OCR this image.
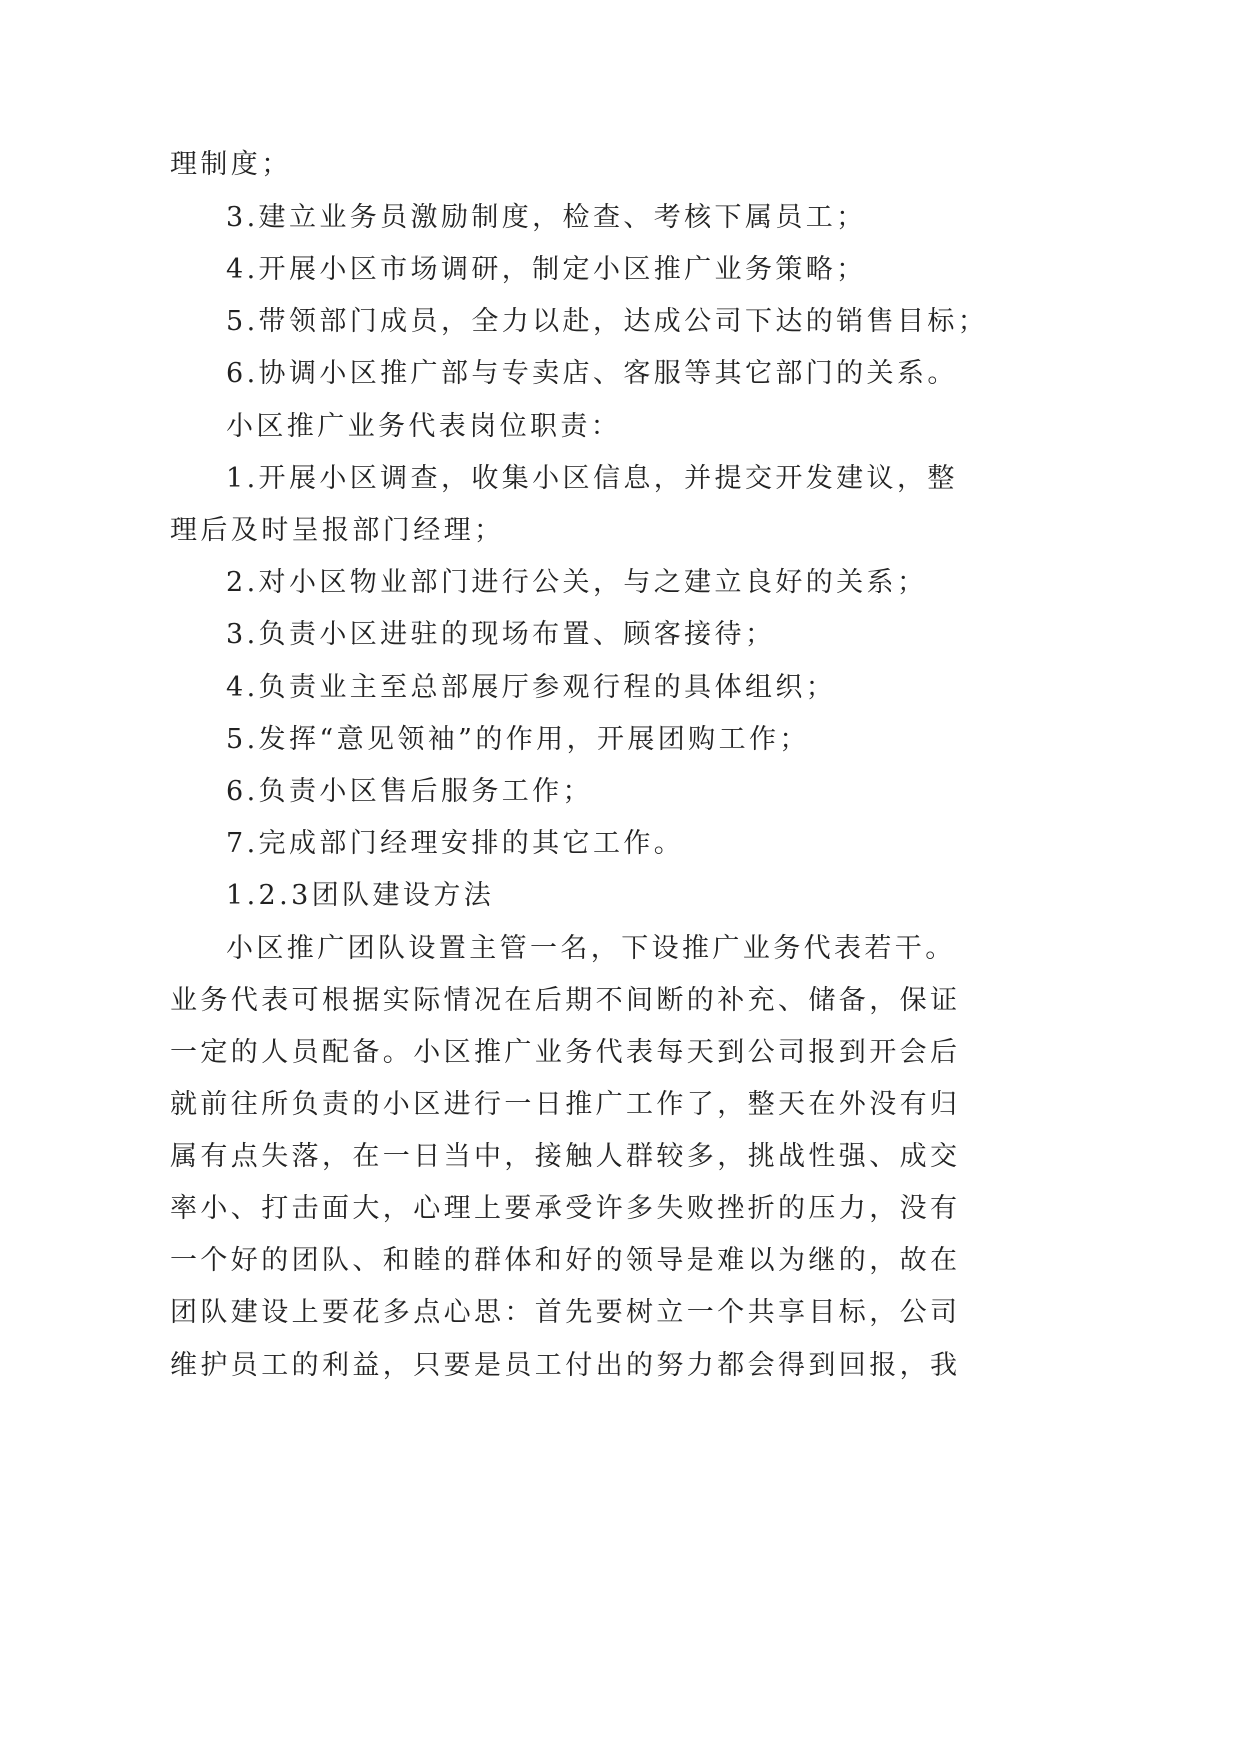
理制度；
3.建立业务员激励制度，检查、考核下属员工；
4.开展小区市场调研，制定小区推广业务策略；
5.带领部门成员，全力以赴，达成公司下达的销售目标；
6.协调小区推广部与专卖店、客服等其它部门的关系。
小区推广业务代表岗位职责：
1.开展小区调查，收集小区信息，并提交开发建议，整
理后及时呈报部门经理；
2.对小区物业部门进行公关，与之建立良好的关系；
3.负责小区进驻的现场布置、顾客接待；
4.负责业主至总部展厅参观行程的具体组织；
5.发挥“意见领袖”的作用，开展团购工作；
6.负责小区售后服务工作；
7.完成部门经理安排的其它工作。
1.2.3团队建设方法
小区推广团队设置主管一名，下设推广业务代表若干。
业务代表可根据实际情况在后期不间断的补充、储备，保证
一定的人员配备。小区推广业务代表每天到公司报到开会后
就前往所负责的小区进行一日推广工作了，整天在外没有归
属有点失落，在一日当中，接触人群较多，挑战性强、成交
率小、打击面大，心理上要承受许多失败挫折的压力，没有
一个好的团队、和睦的群体和好的领导是难以为继的，故在
团队建设上要花多点心思：首先要树立一个共享目标，公司
维护员工的利益，只要是员工付出的努力都会得到回报，我
